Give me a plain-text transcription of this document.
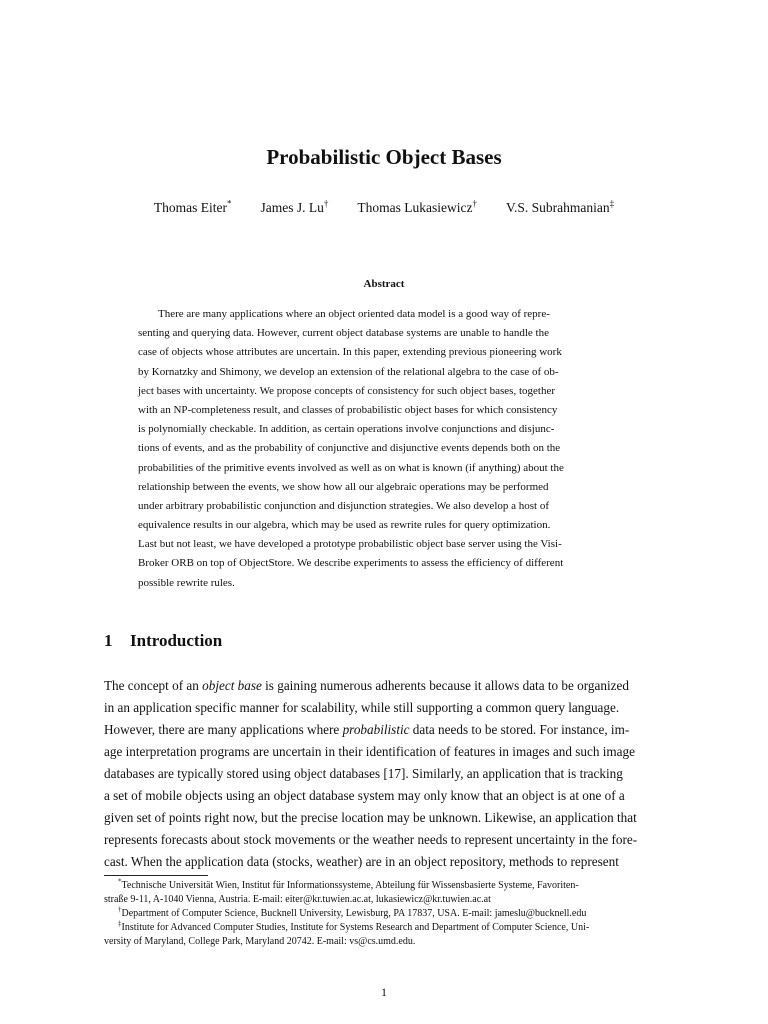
Probabilistic Object Bases
Thomas Eiter* James J. Lu† Thomas Lukasiewicz† V.S. Subrahmanian‡
Abstract
There are many applications where an object oriented data model is a good way of repre-
senting and querying data. However, current object database systems are unable to handle the
case of objects whose attributes are uncertain. In this paper, extending previous pioneering work
by Kornatzky and Shimony, we develop an extension of the relational algebra to the case of ob-
ject bases with uncertainty. We propose concepts of consistency for such object bases, together
with an NP-completeness result, and classes of probabilistic object bases for which consistency
is polynomially checkable. In addition, as certain operations involve conjunctions and disjunc-
tions of events, and as the probability of conjunctive and disjunctive events depends both on the
probabilities of the primitive events involved as well as on what is known (if anything) about the
relationship between the events, we show how all our algebraic operations may be performed
under arbitrary probabilistic conjunction and disjunction strategies. We also develop a host of
equivalence results in our algebra, which may be used as rewrite rules for query optimization.
Last but not least, we have developed a prototype probabilistic object base server using the Visi-
Broker ORB on top of ObjectStore. We describe experiments to assess the efficiency of different
possible rewrite rules.
1 Introduction
The concept of an object base is gaining numerous adherents because it allows data to be organized
in an application specific manner for scalability, while still supporting a common query language.
However, there are many applications where probabilistic data needs to be stored. For instance, im-
age interpretation programs are uncertain in their identification of features in images and such image
databases are typically stored using object databases [17]. Similarly, an application that is tracking
a set of mobile objects using an object database system may only know that an object is at one of a
given set of points right now, but the precise location may be unknown. Likewise, an application that
represents forecasts about stock movements or the weather needs to represent uncertainty in the fore-
cast. When the application data (stocks, weather) are in an object repository, methods to represent
*Technische Universität Wien, Institut für Informationssysteme, Abteilung für Wissensbasierte Systeme, Favoriten-
straße 9-11, A-1040 Vienna, Austria. E-mail: eiter@kr.tuwien.ac.at, lukasiewicz@kr.tuwien.ac.at
†Department of Computer Science, Bucknell University, Lewisburg, PA 17837, USA. E-mail: jameslu@bucknell.edu
‡Institute for Advanced Computer Studies, Institute for Systems Research and Department of Computer Science, Uni-
versity of Maryland, College Park, Maryland 20742. E-mail: vs@cs.umd.edu.
1
